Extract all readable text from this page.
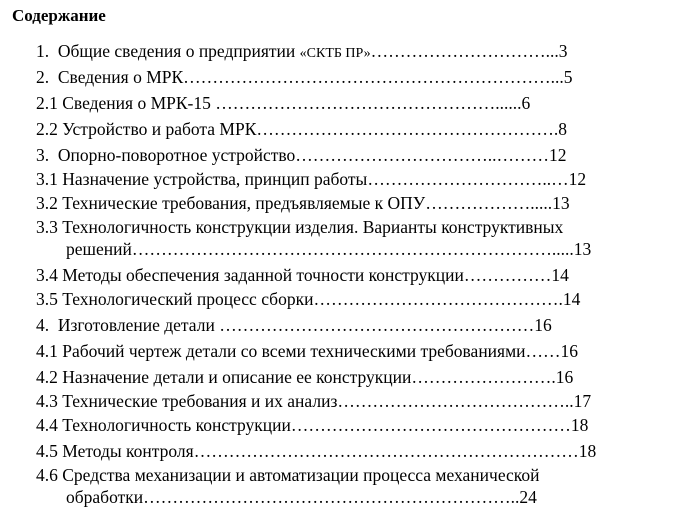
Содержание
1. Общие сведения о предприятии «СКТБ ПР»…………………………...3
2. Сведения о МРК………………………………………………………...5
2.1 Сведения о МРК-15 …………………………………………......6
2.2 Устройство и работа МРК…………………………………………….8
3. Опорно-поворотное устройство……………………………..………12
3.1 Назначение устройства, принцип работы…………………………..…12
3.2 Технические требования, предъявляемые к ОПУ……………….....13
3.3 Технологичность конструкции изделия. Варианты конструктивных
решений……………………………………………………………….....13
3.4 Методы обеспечения заданной точности конструкции……………14
3.5 Технологический процесс сборки…………………………………….14
4. Изготовление детали ………………………………………………16
4.1 Рабочий чертеж детали со всеми техническими требованиями……16
4.2 Назначение детали и описание ее конструкции…………………….16
4.3 Технические требования и их анализ…………………………………..17
4.4 Технологичность конструкции…………………………………………18
4.5 Методы контроля…………………………………………………………18
4.6 Средства механизации и автоматизации процесса механической
обработки………………………………………………………..24
